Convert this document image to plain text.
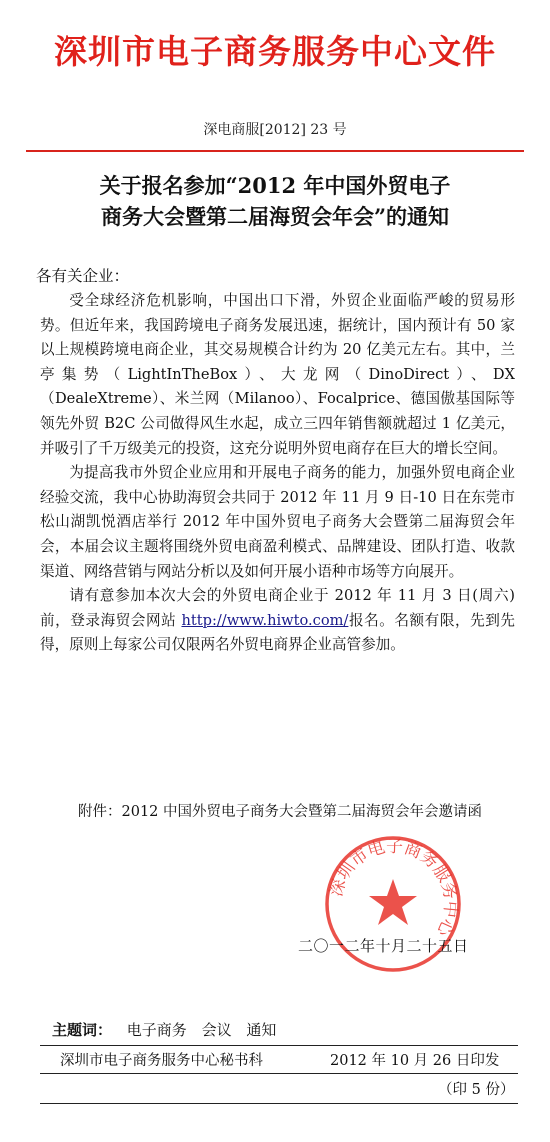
深圳市电子商务服务中心文件
深电商服[2012] 23 号
关于报名参加“2012 年中国外贸电子
商务大会暨第二届海贸会年会”的通知
各有关企业：

受全球经济危机影响，中国出口下滑，外贸企业面临严峻的贸易形势。但近年来，我国跨境电子商务发展迅速，据统计，国内预计有 50 家以上规模跨境电商企业，其交易规模合计约为 20 亿美元左右。其中，兰亭集势（LightInTheBox）、大龙网（DinoDirect）、DX（DealeXtreme）、米兰网（Milanoo）、Focalprice、德国傲基国际等领先外贸 B2C 公司做得风生水起，成立三四年销售额就超过 1 亿美元，并吸引了千万级美元的投资，这充分说明外贸电商存在巨大的增长空间。

为提高我市外贸企业应用和开展电子商务的能力，加强外贸电商企业经验交流，我中心协助海贸会共同于 2012 年 11 月 9 日-10 日在东莞市松山湖凯悦酒店举行 2012 年中国外贸电子商务大会暨第二届海贸会年会，本届会议主题将围绕外贸电商盈利模式、品牌建设、团队打造、收款渠道、网络营销与网站分析以及如何开展小语种市场等方向展开。

请有意参加本次大会的外贸电商企业于 2012 年 11 月 3 日(周六)前，登录海贸会网站 http://www.hiwto.com/报名。名额有限，先到先得，原则上每家公司仅限两名外贸电商界企业高管参加。

附件：2012 中国外贸电子商务大会暨第二届海贸会年会邀请函
深圳市电子商务服务中心
二〇一二年十月二十五日
主题词： 电子商务 会议 通知
深圳市电子商务服务中心秘书科	2012 年 10 月 26 日印发
（印 5 份）
